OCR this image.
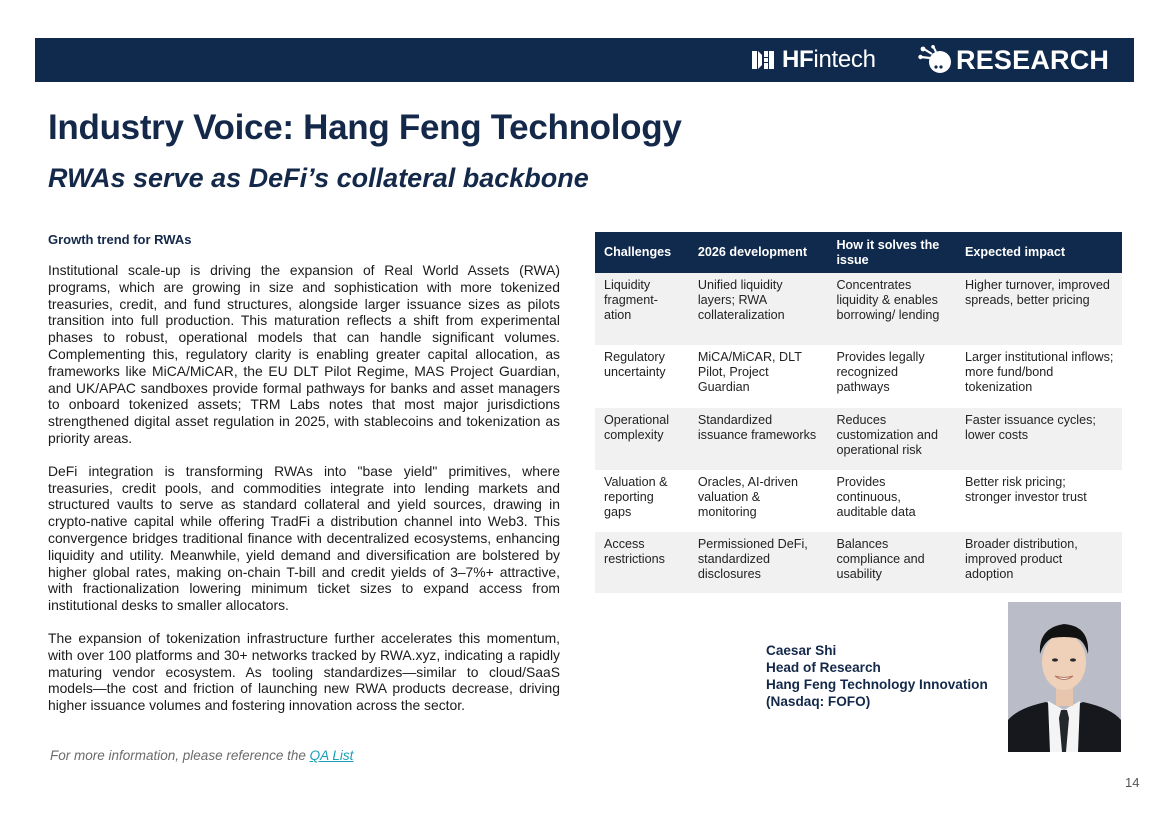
HFintech	RESEARCH
Industry Voice: Hang Feng Technology
RWAs serve as DeFi’s collateral backbone

Growth trend for RWAs

Institutional scale-up is driving the expansion of Real World Assets (RWA) programs, which are growing in size and sophistication with more tokenized treasuries, credit, and fund structures, alongside larger issuance sizes as pilots transition into full production. This maturation reflects a shift from experimental phases to robust, operational models that can handle significant volumes. Complementing this, regulatory clarity is enabling greater capital allocation, as frameworks like MiCA/MiCAR, the EU DLT Pilot Regime, MAS Project Guardian, and UK/APAC sandboxes provide formal pathways for banks and asset managers to onboard tokenized assets; TRM Labs notes that most major jurisdictions strengthened digital asset regulation in 2025, with stablecoins and tokenization as priority areas.

DeFi integration is transforming RWAs into "base yield" primitives, where treasuries, credit pools, and commodities integrate into lending markets and structured vaults to serve as standard collateral and yield sources, drawing in crypto-native capital while offering TradFi a distribution channel into Web3. This convergence bridges traditional finance with decentralized ecosystems, enhancing liquidity and utility. Meanwhile, yield demand and diversification are bolstered by higher global rates, making on-chain T-bill and credit yields of 3–7%+ attractive, with fractionalization lowering minimum ticket sizes to expand access from institutional desks to smaller allocators.

The expansion of tokenization infrastructure further accelerates this momentum, with over 100 platforms and 30+ networks tracked by RWA.xyz, indicating a rapidly maturing vendor ecosystem. As tooling standardizes—similar to cloud/SaaS models—the cost and friction of launching new RWA products decrease, driving higher issuance volumes and fostering innovation across the sector.

For more information, please reference the QA List
Challenges	2026 development	How it solves the issue	Expected impact
Liquidity fragment-ation	Unified liquidity layers; RWA collateralization	Concentrates liquidity & enables borrowing/ lending	Higher turnover, improved spreads, better pricing
Regulatory uncertainty	MiCA/MiCAR, DLT Pilot, Project Guardian	Provides legally recognized pathways	Larger institutional inflows; more fund/bond tokenization
Operational complexity	Standardized issuance frameworks	Reduces customization and operational risk	Faster issuance cycles; lower costs
Valuation & reporting gaps	Oracles, AI-driven valuation & monitoring	Provides continuous, auditable data	Better risk pricing; stronger investor trust
Access restrictions	Permissioned DeFi, standardized disclosures	Balances compliance and usability	Broader distribution, improved product adoption
Caesar Shi
Head of Research
Hang Feng Technology Innovation
(Nasdaq: FOFO)
14
